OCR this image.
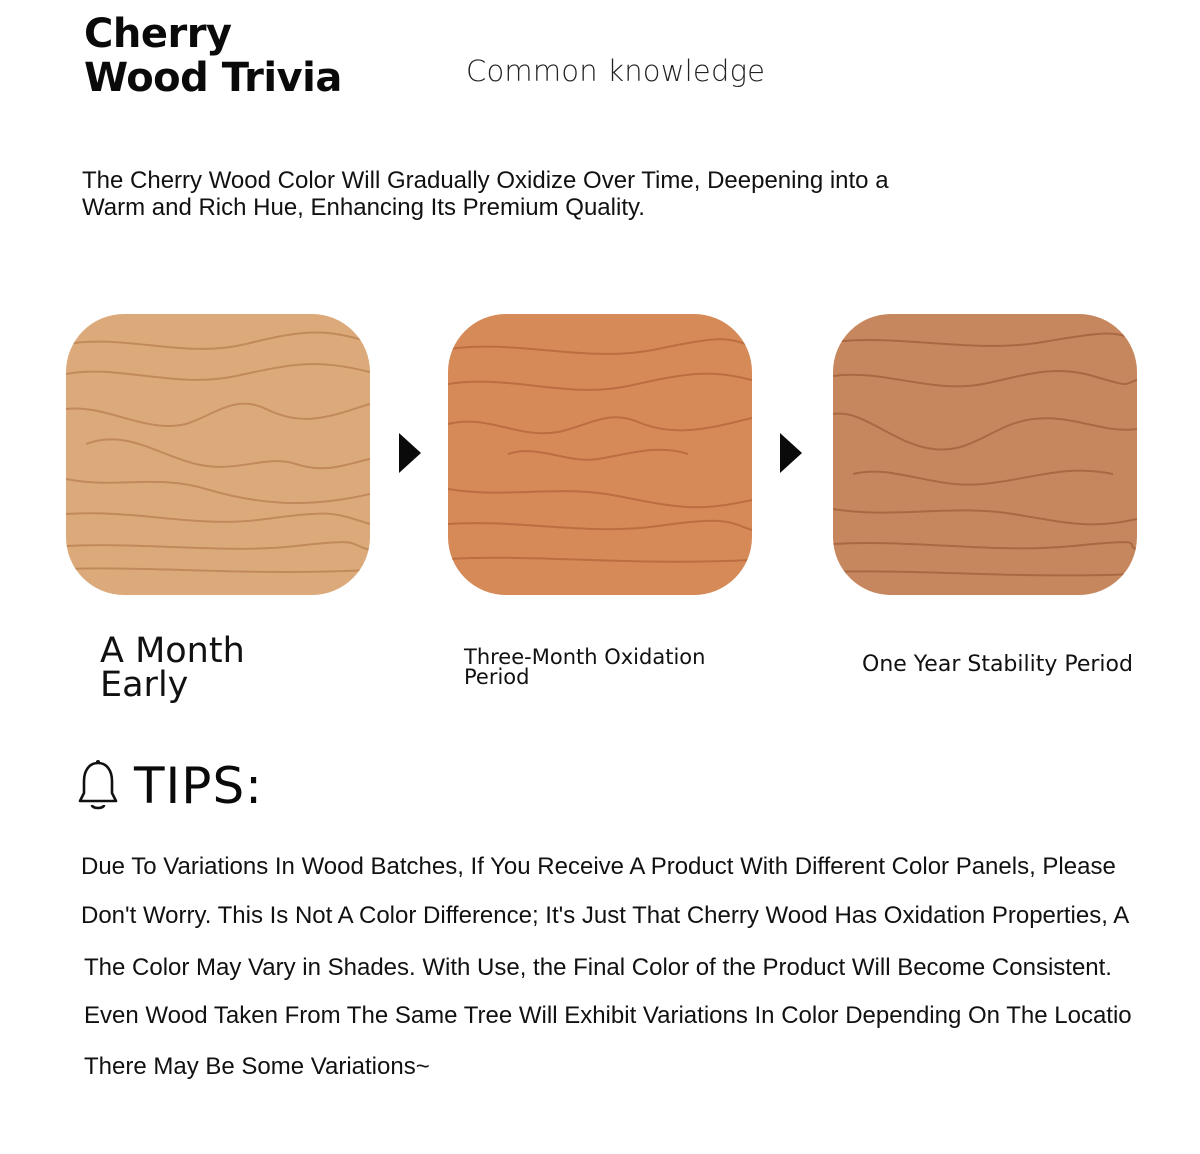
Cherry Wood Trivia	Common knowledge
The Cherry Wood Color Will Gradually Oxidize Over Time, Deepening into a Warm and Rich Hue, Enhancing Its Premium Quality.
A Month Early
Three-Month Oxidation Period	One Year Stability Period
TIPS:
Due To Variations In Wood Batches, If You Receive A Product With Different Color Panels, Please
Don't Worry. This Is Not A Color Difference; It's Just That Cherry Wood Has Oxidation Properties, A
The Color May Vary in Shades. With Use, the Final Color of the Product Will Become Consistent.
Even Wood Taken From The Same Tree Will Exhibit Variations In Color Depending On The Locatio
There May Be Some Variations~
